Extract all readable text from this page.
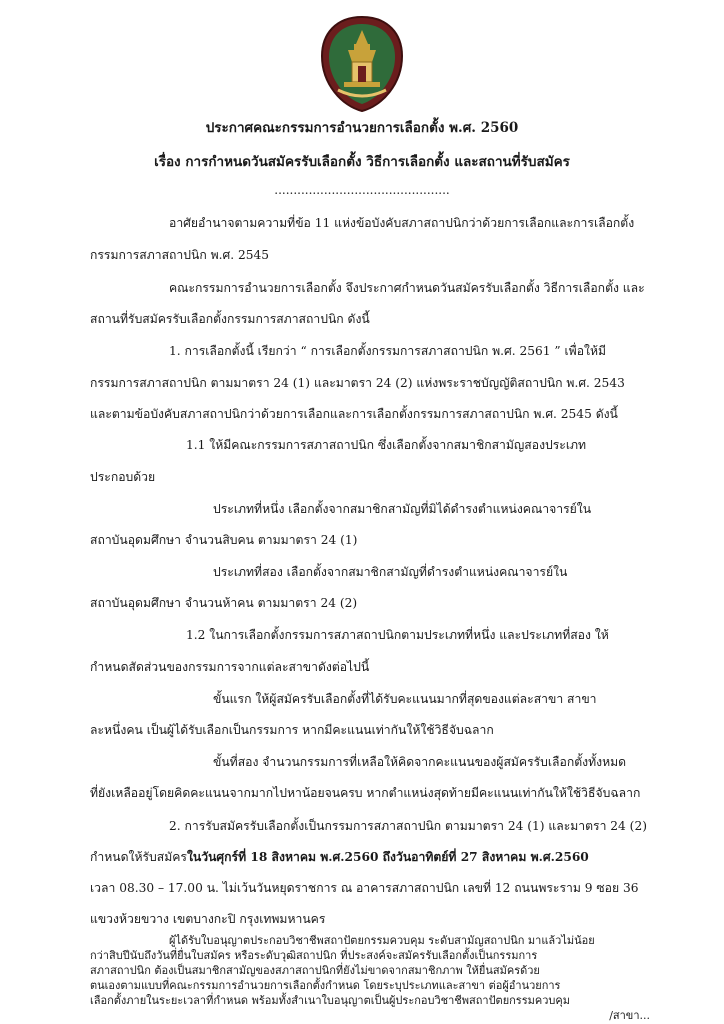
ประกาศคณะกรรมการอำนวยการเลือกตั้ง พ.ศ. 2560
เรื่อง การกำหนดวันสมัครรับเลือกตั้ง วิธีการเลือกตั้ง และสถานที่รับสมัคร
..............................................
อาศัยอำนาจตามความที่ข้อ 11 แห่งข้อบังคับสภาสถาปนิกว่าด้วยการเลือกและการเลือกตั้ง
กรรมการสภาสถาปนิก พ.ศ. 2545
คณะกรรมการอำนวยการเลือกตั้ง จึงประกาศกำหนดวันสมัครรับเลือกตั้ง วิธีการเลือกตั้ง และ
สถานที่รับสมัครรับเลือกตั้งกรรมการสภาสถาปนิก ดังนี้
1. การเลือกตั้งนี้ เรียกว่า “ การเลือกตั้งกรรมการสภาสถาปนิก พ.ศ. 2561 ” เพื่อให้มี
กรรมการสภาสถาปนิก ตามมาตรา 24 (1) และมาตรา 24 (2) แห่งพระราชบัญญัติสถาปนิก พ.ศ. 2543
และตามข้อบังคับสภาสถาปนิกว่าด้วยการเลือกและการเลือกตั้งกรรมการสภาสถาปนิก พ.ศ. 2545 ดังนี้
1.1 ให้มีคณะกรรมการสภาสถาปนิก ซึ่งเลือกตั้งจากสมาชิกสามัญสองประเภท
ประกอบด้วย
ประเภทที่หนึ่ง เลือกตั้งจากสมาชิกสามัญที่มิได้ดำรงตำแหน่งคณาจารย์ใน
สถาบันอุดมศึกษา จำนวนสิบคน ตามมาตรา 24 (1)
ประเภทที่สอง เลือกตั้งจากสมาชิกสามัญที่ดำรงตำแหน่งคณาจารย์ใน
สถาบันอุดมศึกษา จำนวนห้าคน ตามมาตรา 24 (2)
1.2 ในการเลือกตั้งกรรมการสภาสถาปนิกตามประเภทที่หนึ่ง และประเภทที่สอง ให้
กำหนดสัดส่วนของกรรมการจากแต่ละสาขาดังต่อไปนี้
ขั้นแรก ให้ผู้สมัครรับเลือกตั้งที่ได้รับคะแนนมากที่สุดของแต่ละสาขา สาขา
ละหนึ่งคน เป็นผู้ได้รับเลือกเป็นกรรมการ หากมีคะแนนเท่ากันให้ใช้วิธีจับฉลาก
ขั้นที่สอง จำนวนกรรมการที่เหลือให้คิดจากคะแนนของผู้สมัครรับเลือกตั้งทั้งหมด
ที่ยังเหลืออยู่โดยคิดคะแนนจากมากไปหาน้อยจนครบ หากตำแหน่งสุดท้ายมีคะแนนเท่ากันให้ใช้วิธีจับฉลาก
2. การรับสมัครรับเลือกตั้งเป็นกรรมการสภาสถาปนิก ตามมาตรา 24 (1) และมาตรา 24 (2)
กำหนดให้รับสมัครในวันศุกร์ที่ 18 สิงหาคม พ.ศ.2560 ถึงวันอาทิตย์ที่ 27 สิงหาคม พ.ศ.2560
เวลา 08.30 – 17.00 น. ไม่เว้นวันหยุดราชการ ณ อาคารสภาสถาปนิก เลขที่ 12 ถนนพระราม 9 ซอย 36
แขวงห้วยขวาง เขตบางกะปิ กรุงเทพมหานคร
ผู้ได้รับใบอนุญาตประกอบวิชาชีพสถาปัตยกรรมควบคุม ระดับสามัญสถาปนิก มาแล้วไม่น้อย
กว่าสิบปีนับถึงวันที่ยื่นใบสมัคร หรือระดับวุฒิสถาปนิก ที่ประสงค์จะสมัครรับเลือกตั้งเป็นกรรมการ
สภาสถาปนิก ต้องเป็นสมาชิกสามัญของสภาสถาปนิกที่ยังไม่ขาดจากสมาชิกภาพ ให้ยื่นสมัครด้วย
ตนเองตามแบบที่คณะกรรมการอำนวยการเลือกตั้งกำหนด โดยระบุประเภทและสาขา ต่อผู้อำนวยการ
เลือกตั้งภายในระยะเวลาที่กำหนด พร้อมทั้งสำเนาใบอนุญาตเป็นผู้ประกอบวิชาชีพสถาปัตยกรรมควบคุม
/สาขา...
